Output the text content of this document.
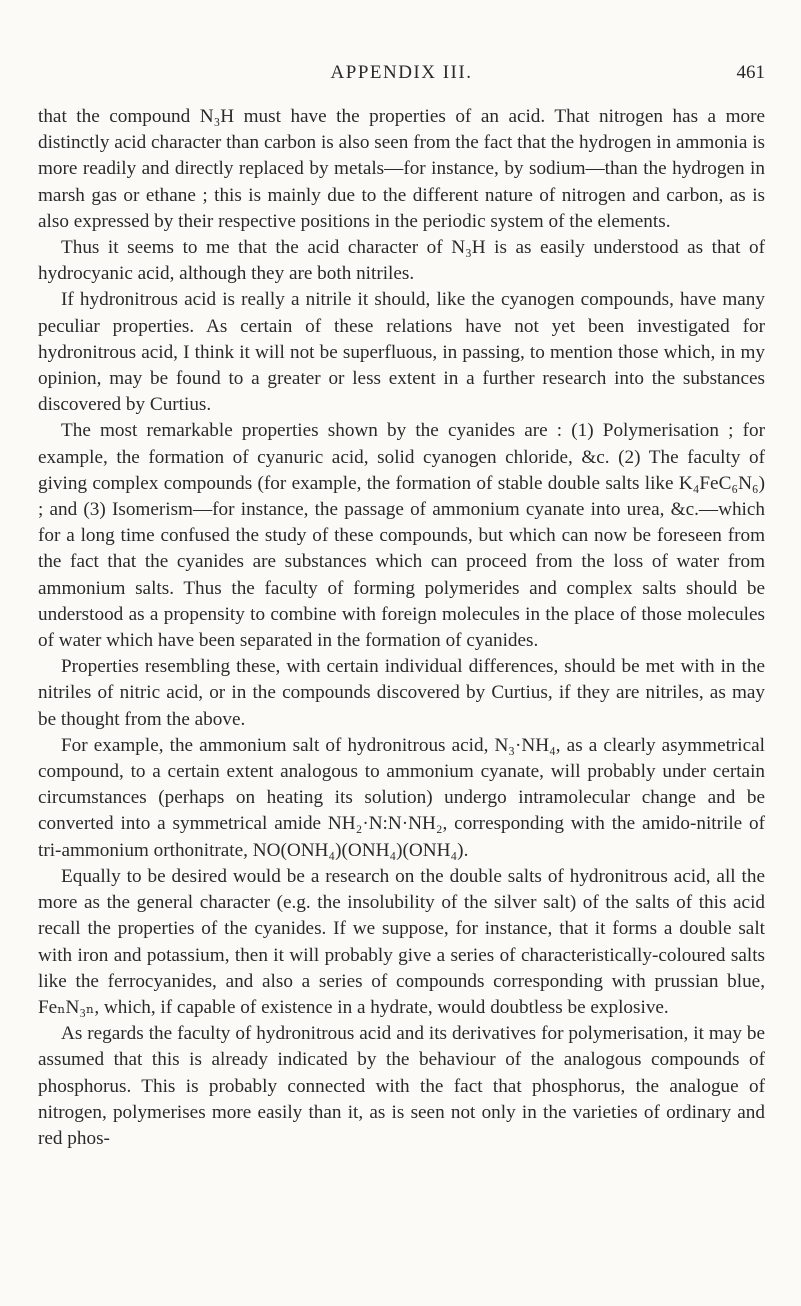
APPENDIX III.	461

that the compound N₃H must have the properties of an acid. That nitrogen has a more distinctly acid character than carbon is also seen from the fact that the hydrogen in ammonia is more readily and directly replaced by metals—for instance, by sodium—than the hydrogen in marsh gas or ethane ; this is mainly due to the different nature of nitrogen and carbon, as is also expressed by their respective positions in the periodic system of the elements.

Thus it seems to me that the acid character of N₃H is as easily understood as that of hydrocyanic acid, although they are both nitriles.

If hydronitrous acid is really a nitrile it should, like the cyanogen compounds, have many peculiar properties. As certain of these relations have not yet been investigated for hydronitrous acid, I think it will not be superfluous, in passing, to mention those which, in my opinion, may be found to a greater or less extent in a further research into the substances discovered by Curtius.

The most remarkable properties shown by the cyanides are : (1) Polymerisation ; for example, the formation of cyanuric acid, solid cyanogen chloride, &c. (2) The faculty of giving complex compounds (for example, the formation of stable double salts like K₄FeC₆N₆) ; and (3) Isomerism—for instance, the passage of ammonium cyanate into urea, &c.—which for a long time confused the study of these compounds, but which can now be foreseen from the fact that the cyanides are substances which can proceed from the loss of water from ammonium salts. Thus the faculty of forming polymerides and complex salts should be understood as a propensity to combine with foreign molecules in the place of those molecules of water which have been separated in the formation of cyanides.

Properties resembling these, with certain individual differences, should be met with in the nitriles of nitric acid, or in the compounds discovered by Curtius, if they are nitriles, as may be thought from the above.

For example, the ammonium salt of hydronitrous acid, N₃·NH₄, as a clearly asymmetrical compound, to a certain extent analogous to ammonium cyanate, will probably under certain circumstances (perhaps on heating its solution) undergo intramolecular change and be converted into a symmetrical amide NH₂·N:N·NH₂, corresponding with the amido-nitrile of tri-ammonium orthonitrate, NO(ONH₄)(ONH₄)(ONH₄).

Equally to be desired would be a research on the double salts of hydronitrous acid, all the more as the general character (e.g. the insolubility of the silver salt) of the salts of this acid recall the properties of the cyanides. If we suppose, for instance, that it forms a double salt with iron and potassium, then it will probably give a series of characteristically-coloured salts like the ferrocyanides, and also a series of compounds corresponding with prussian blue, FeₙN₃ₙ, which, if capable of existence in a hydrate, would doubtless be explosive.

As regards the faculty of hydronitrous acid and its derivatives for polymerisation, it may be assumed that this is already indicated by the behaviour of the analogous compounds of phosphorus. This is probably connected with the fact that phosphorus, the analogue of nitrogen, polymerises more easily than it, as is seen not only in the varieties of ordinary and red phos-
